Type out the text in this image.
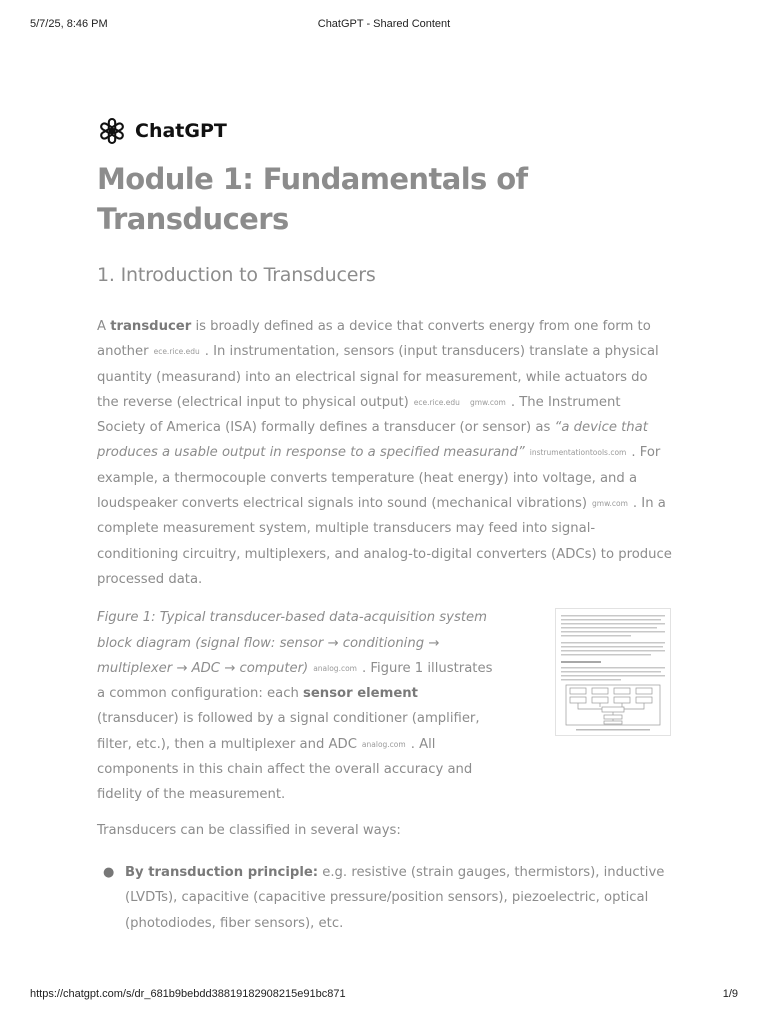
5/7/25, 8:46 PM	ChatGPT - Shared Content
ChatGPT
Module 1: Fundamentals of Transducers
1. Introduction to Transducers

A transducer is broadly defined as a device that converts energy from one form to another ece.rice.edu . In instrumentation, sensors (input transducers) translate a physical quantity (measurand) into an electrical signal for measurement, while actuators do the reverse (electrical input to physical output) ece.rice.edu gmw.com . The Instrument Society of America (ISA) formally defines a transducer (or sensor) as “a device that produces a usable output in response to a specified measurand” instrumentationtools.com . For example, a thermocouple converts temperature (heat energy) into voltage, and a loudspeaker converts electrical signals into sound (mechanical vibrations) gmw.com . In a complete measurement system, multiple transducers may feed into signal-conditioning circuitry, multiplexers, and analog-to-digital converters (ADCs) to produce processed data.

Figure 1: Typical transducer-based data-acquisition system block diagram (signal flow: sensor → conditioning → multiplexer → ADC → computer) analog.com . Figure 1 illustrates a common configuration: each sensor element (transducer) is followed by a signal conditioner (amplifier, filter, etc.), then a multiplexer and ADC analog.com . All components in this chain affect the overall accuracy and fidelity of the measurement.

Transducers can be classified in several ways:

● By transduction principle: e.g. resistive (strain gauges, thermistors), inductive (LVDTs), capacitive (capacitive pressure/position sensors), piezoelectric, optical (photodiodes, fiber sensors), etc.
https://chatgpt.com/s/dr_681b9bebdd38819182908215e91bc871	1/9
